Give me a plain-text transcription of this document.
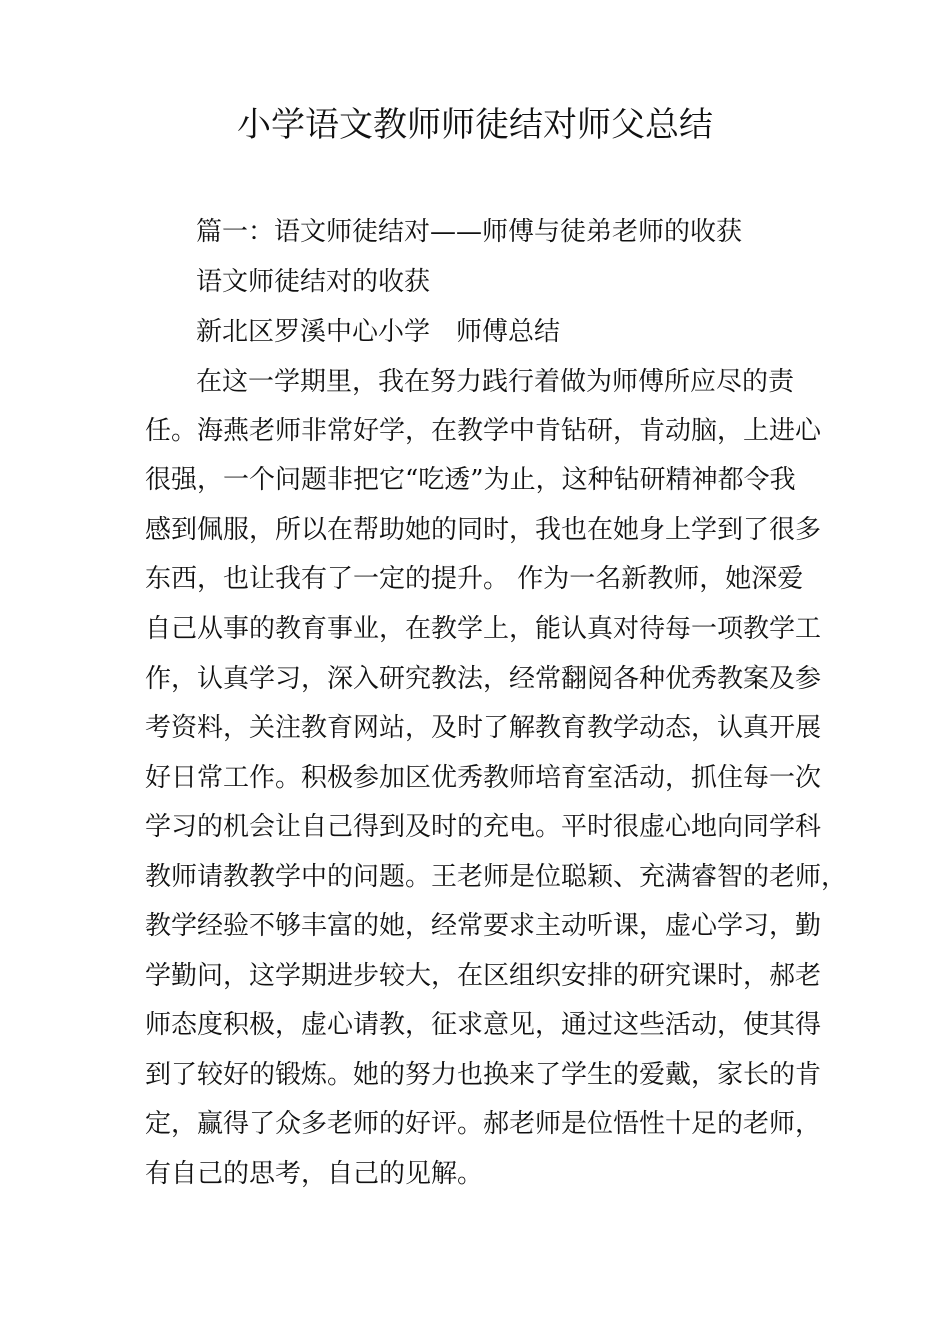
小学语文教师师徒结对师父总结

篇一：语文师徒结对——师傅与徒弟老师的收获

语文师徒结对的收获

新北区罗溪中心小学　师傅总结

在这一学期里，我在努力践行着做为师傅所应尽的责

任。海燕老师非常好学，在教学中肯钻研，肯动脑，上进心

很强，一个问题非把它“吃透”为止，这种钻研精神都令我

感到佩服，所以在帮助她的同时，我也在她身上学到了很多

东西，也让我有了一定的提升。 作为一名新教师，她深爱

自己从事的教育事业，在教学上，能认真对待每一项教学工

作，认真学习，深入研究教法，经常翻阅各种优秀教案及参

考资料，关注教育网站，及时了解教育教学动态，认真开展

好日常工作。积极参加区优秀教师培育室活动，抓住每一次

学习的机会让自己得到及时的充电。平时很虚心地向同学科

教师请教教学中的问题。王老师是位聪颖、充满睿智的老师，

教学经验不够丰富的她，经常要求主动听课，虚心学习，勤

学勤问，这学期进步较大，在区组织安排的研究课时，郝老

师态度积极，虚心请教，征求意见，通过这些活动，使其得

到了较好的锻炼。她的努力也换来了学生的爱戴，家长的肯

定，赢得了众多老师的好评。郝老师是位悟性十足的老师，

有自己的思考，自己的见解。
